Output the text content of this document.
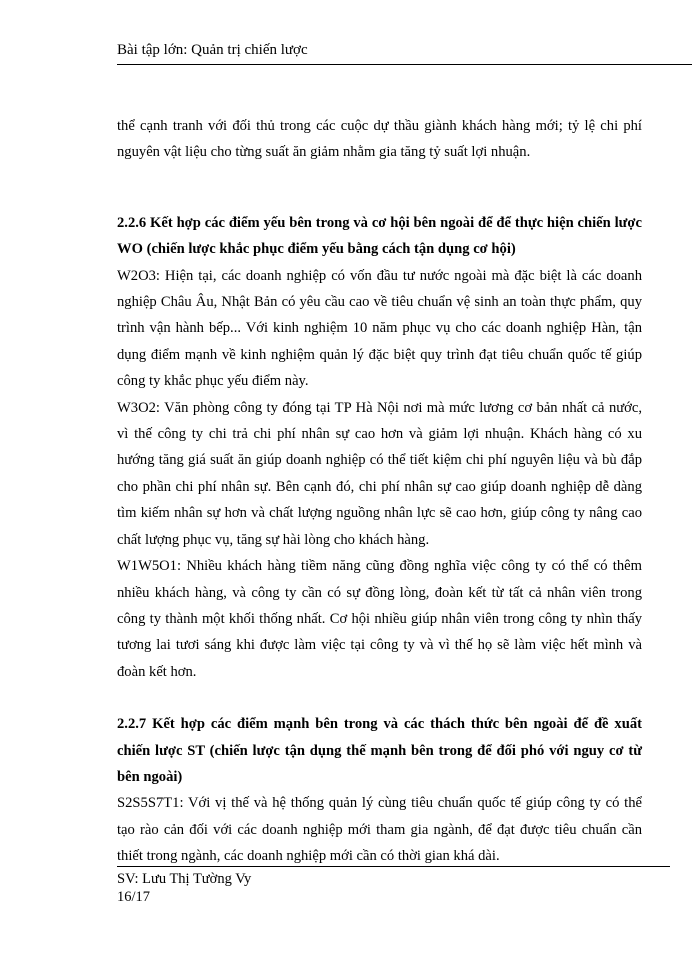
Bài tập lớn: Quản trị chiến lược

thể cạnh tranh với đối thủ trong các cuộc dự thầu giành khách hàng mới; tỷ lệ chi phí nguyên vật liệu cho từng suất ăn giảm nhằm gia tăng tỷ suất lợi nhuận.

2.2.6 Kết hợp các điểm yếu bên trong và cơ hội bên ngoài để để thực hiện chiến lược WO (chiến lược khắc phục điểm yếu bằng cách tận dụng cơ hội)

W2O3: Hiện tại, các doanh nghiệp có vốn đầu tư nước ngoài mà đặc biệt là các doanh nghiệp Châu Âu, Nhật Bản có yêu cầu cao về tiêu chuẩn vệ sinh an toàn thực phẩm, quy trình vận hành bếp... Với kinh nghiệm 10 năm phục vụ cho các doanh nghiệp Hàn, tận dụng điểm mạnh về kinh nghiệm quản lý đặc biệt quy trình đạt tiêu chuẩn quốc tế giúp công ty khắc phục yếu điểm này.

W3O2: Văn phòng công ty đóng tại TP Hà Nội nơi mà mức lương cơ bản nhất cả nước, vì thế công ty chi trả chi phí nhân sự cao hơn và giảm lợi nhuận. Khách hàng có xu hướng tăng giá suất ăn giúp doanh nghiệp có thể tiết kiệm chi phí nguyên liệu và bù đắp cho phần chi phí nhân sự. Bên cạnh đó, chi phí nhân sự cao giúp doanh nghiệp dễ dàng tìm kiếm nhân sự hơn và chất lượng nguồng nhân lực sẽ cao hơn, giúp công ty nâng cao chất lượng phục vụ, tăng sự hài lòng cho khách hàng.

W1W5O1: Nhiều khách hàng tiềm năng cũng đồng nghĩa việc công ty có thể có thêm nhiều khách hàng, và công ty cần có sự đồng lòng, đoàn kết từ tất cả nhân viên trong công ty thành một khối thống nhất. Cơ hội nhiều giúp nhân viên trong công ty nhìn thấy tương lai tươi sáng khi được làm việc tại công ty và vì thế họ sẽ làm việc hết mình và đoàn kết hơn.

2.2.7 Kết hợp các điểm mạnh bên trong và các thách thức bên ngoài để đề xuất chiến lược ST (chiến lược tận dụng thế mạnh bên trong để đối phó với nguy cơ từ bên ngoài)

S2S5S7T1: Với vị thế và hệ thống quản lý cùng tiêu chuẩn quốc tế giúp công ty có thể tạo rào cản đối với các doanh nghiệp mới tham gia ngành, để đạt được tiêu chuẩn cần thiết trong ngành, các doanh nghiệp mới cần có thời gian khá dài.

SV: Lưu Thị Tường Vy
16/17
